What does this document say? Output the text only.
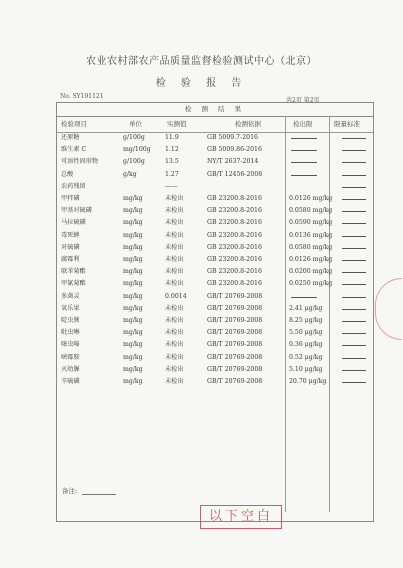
农业农村部农产品质量监督检验测试中心（北京）
检 验 报 告
No. SY191121
共2页 第2页
检 测 结 果
检验项目	单位	实测值	检测依据	检出限	限量标准
还原糖	g/100g	11.9	GB 5009.7-2016
维生素 C	mg/100g 1.12	GB 5009.86-2016
可溶性固形物	g/100g	13.5	NY/T 2637-2014
总酸	g/kg	1.27	GB/T 12456-2008
农药残留	——
甲拌磷	mg/kg	未检出	GB 23200.8-2016	0.0126 mg/kg
甲基对硫磷	mg/kg	未检出	GB 23200.8-2016	0.0580 mg/kg
马拉硫磷	mg/kg	未检出	GB 23200.8-2016	0.0590 mg/kg
毒死蜱	mg/kg	未检出	GB 23200.8-2016	0.0136 mg/kg
对硫磷	mg/kg	未检出	GB 23200.8-2016	0.0580 mg/kg
腐霉利	mg/kg	未检出	GB 23200.8-2016	0.0126 mg/kg
联苯菊酯	mg/kg	未检出	GB 23200.8-2016	0.0200 mg/kg
甲氰菊酯	mg/kg	未检出	GB 23200.8-2016	0.0250 mg/kg
多菌灵	mg/kg	0.0014	GB/T 20769-2008
氧乐果	mg/kg	未检出	GB/T 20769-2008	2.41 μg/kg
啶虫脒	mg/kg	未检出	GB/T 20769-2008	8.25 μg/kg
吡虫啉	mg/kg	未检出	GB/T 20769-2008	5.50 μg/kg
噻虫嗪	mg/kg	未检出	GB/T 20769-2008	0.36 μg/kg
嘧霉胺	mg/kg	未检出	GB/T 20769-2008	0.52 μg/kg
灭幼脲	mg/kg	未检出	GB/T 20769-2008	5.10 μg/kg
辛硫磷	mg/kg	未检出	GB/T 20769-2008	20.70 μg/kg
以下空白
备注:
